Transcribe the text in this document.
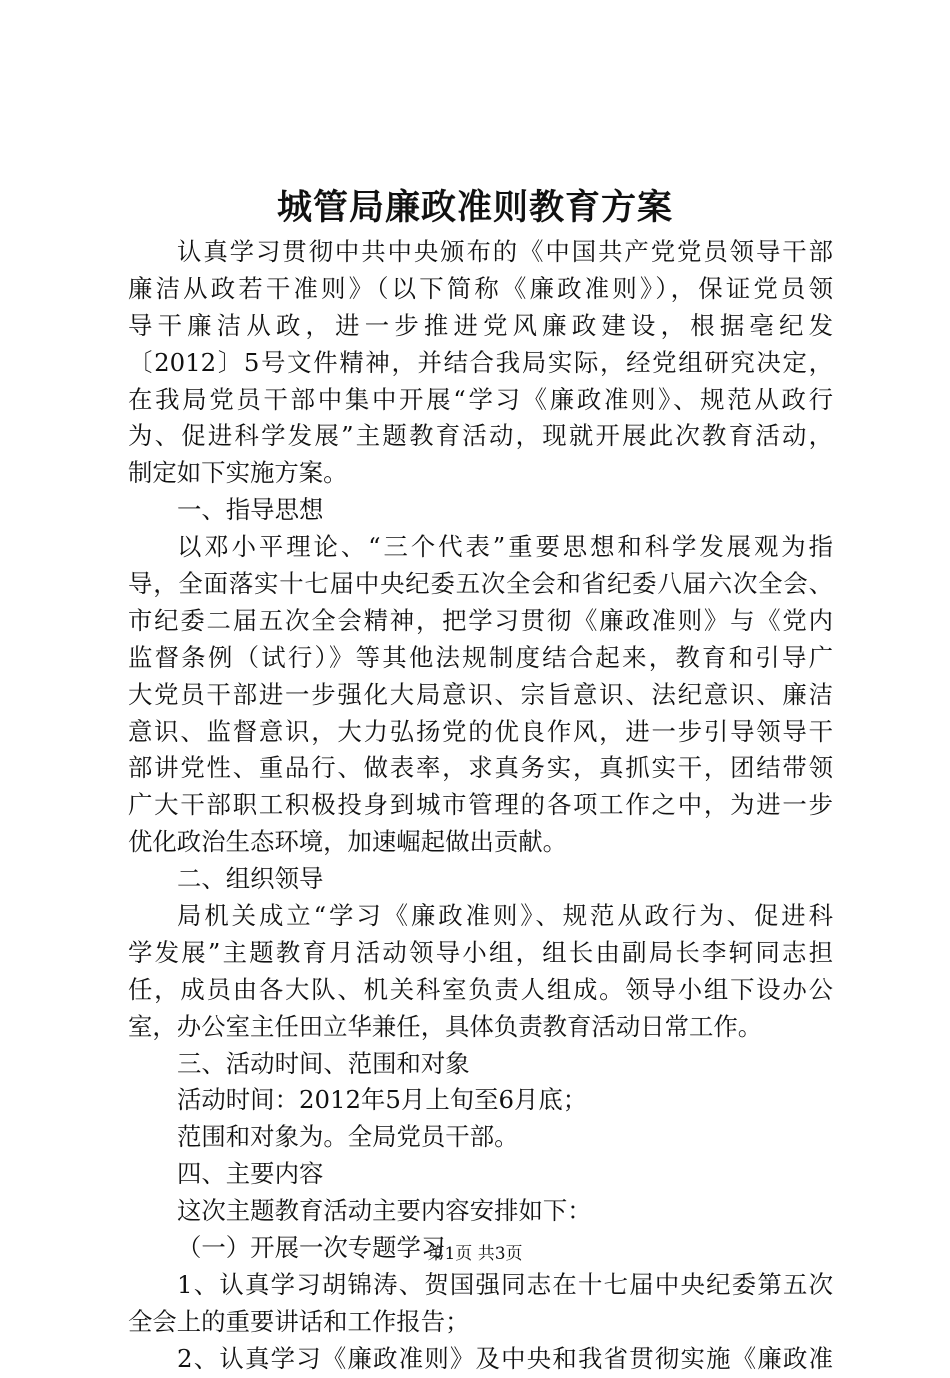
城管局廉政准则教育方案
认真学习贯彻中共中央颁布的《中国共产党党员领导干部
廉洁从政若干准则》（以下简称《廉政准则》），保证党员领
导干廉洁从政，进一步推进党风廉政建设，根据亳纪发
〔2012〕5号文件精神，并结合我局实际，经党组研究决定，
在我局党员干部中集中开展“学习《廉政准则》、规范从政行
为、促进科学发展”主题教育活动，现就开展此次教育活动，
制定如下实施方案。
一、指导思想
以邓小平理论、“三个代表”重要思想和科学发展观为指
导，全面落实十七届中央纪委五次全会和省纪委八届六次全会、
市纪委二届五次全会精神，把学习贯彻《廉政准则》与《党内
监督条例（试行）》等其他法规制度结合起来，教育和引导广
大党员干部进一步强化大局意识、宗旨意识、法纪意识、廉洁
意识、监督意识，大力弘扬党的优良作风，进一步引导领导干
部讲党性、重品行、做表率，求真务实，真抓实干，团结带领
广大干部职工积极投身到城市管理的各项工作之中，为进一步
优化政治生态环境，加速崛起做出贡献。
二、组织领导
局机关成立“学习《廉政准则》、规范从政行为、促进科
学发展”主题教育月活动领导小组，组长由副局长李轲同志担
任，成员由各大队、机关科室负责人组成。领导小组下设办公
室，办公室主任田立华兼任，具体负责教育活动日常工作。
三、活动时间、范围和对象
活动时间：2012年5月上旬至6月底；
范围和对象为。全局党员干部。
四、主要内容
这次主题教育活动主要内容安排如下：
（一）开展一次专题学习
1、认真学习胡锦涛、贺国强同志在十七届中央纪委第五次
全会上的重要讲话和工作报告；
2、认真学习《廉政准则》及中央和我省贯彻实施《廉政准
第1页 共3页
